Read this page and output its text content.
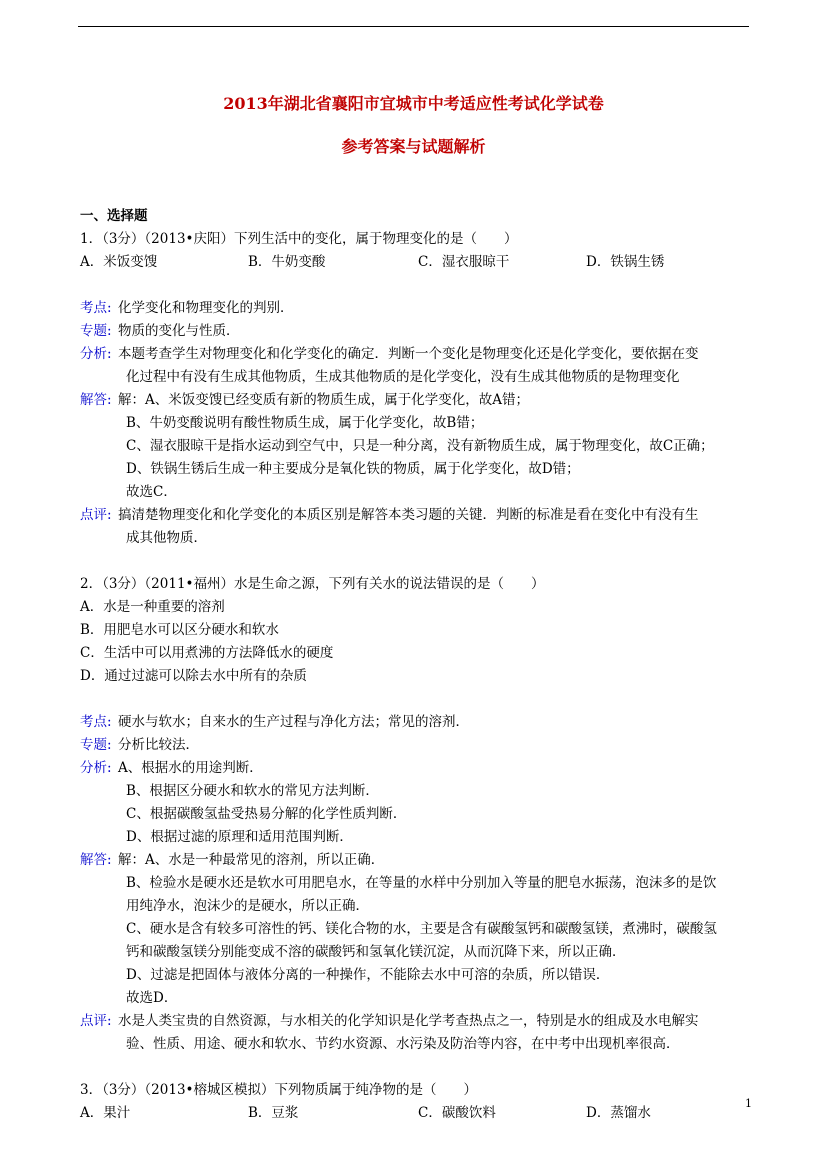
2013年湖北省襄阳市宜城市中考适应性考试化学试卷
参考答案与试题解析
一、选择题
1．（3分）（2013•庆阳）下列生活中的变化，属于物理变化的是（　　）
A．米饭变馊	B．牛奶变酸	C．湿衣服晾干	D．铁锅生锈
考点: 化学变化和物理变化的判别．
专题: 物质的变化与性质．
分析: 本题考查学生对物理变化和化学变化的确定．判断一个变化是物理变化还是化学变化，要依据在变
化过程中有没有生成其他物质，生成其他物质的是化学变化，没有生成其他物质的是物理变化
解答: 解：A、米饭变馊已经变质有新的物质生成，属于化学变化，故A错；
B、牛奶变酸说明有酸性物质生成，属于化学变化，故B错；
C、湿衣服晾干是指水运动到空气中，只是一种分离，没有新物质生成，属于物理变化，故C正确；
D、铁锅生锈后生成一种主要成分是氧化铁的物质，属于化学变化，故D错；
故选C．
点评: 搞清楚物理变化和化学变化的本质区别是解答本类习题的关键．判断的标准是看在变化中有没有生
成其他物质．
2．（3分）（2011•福州）水是生命之源，下列有关水的说法错误的是（　　）
A．水是一种重要的溶剂
B．用肥皂水可以区分硬水和软水
C．生活中可以用煮沸的方法降低水的硬度
D．通过过滤可以除去水中所有的杂质
考点: 硬水与软水；自来水的生产过程与净化方法；常见的溶剂．
专题: 分析比较法．
分析: A、根据水的用途判断．
B、根据区分硬水和软水的常见方法判断．
C、根据碳酸氢盐受热易分解的化学性质判断．
D、根据过滤的原理和适用范围判断．
解答: 解：A、水是一种最常见的溶剂，所以正确．
B、检验水是硬水还是软水可用肥皂水，在等量的水样中分别加入等量的肥皂水振荡，泡沫多的是饮
用纯净水，泡沫少的是硬水，所以正确．
C、硬水是含有较多可溶性的钙、镁化合物的水，主要是含有碳酸氢钙和碳酸氢镁，煮沸时，碳酸氢
钙和碳酸氢镁分别能变成不溶的碳酸钙和氢氧化镁沉淀，从而沉降下来，所以正确．
D、过滤是把固体与液体分离的一种操作，不能除去水中可溶的杂质，所以错误．
故选D．
点评: 水是人类宝贵的自然资源，与水相关的化学知识是化学考查热点之一，特别是水的组成及水电解实
验、性质、用途、硬水和软水、节约水资源、水污染及防治等内容，在中考中出现机率很高．
3．（3分）（2013•榕城区模拟）下列物质属于纯净物的是（　　）
A．果汁	B．豆浆	C．碳酸饮料	D．蒸馏水
1
